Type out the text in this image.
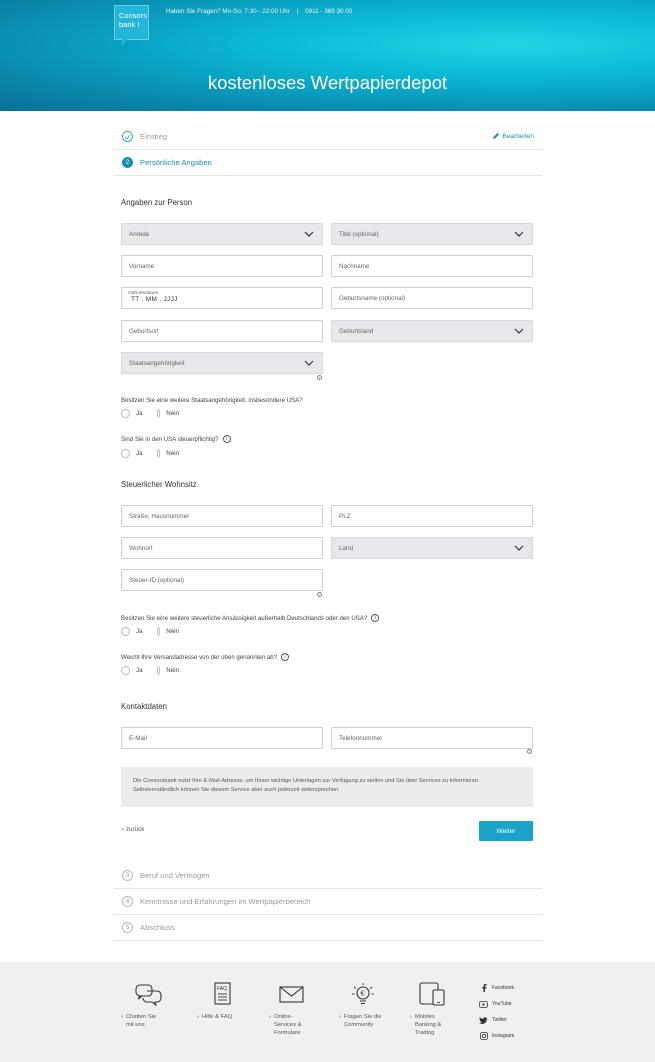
Consors
bank !
Haben Sie Fragen? Mo-So: 7:30 - 22:00 Uhr | 0911 - 369 30 00
kostenloses Wertpapierdepot
Einstieg	Bearbeiten
2	Persönliche Angaben
Angaben zur Person
Anrede	Titel (optional)
Vorname	Nachname
Geburtsdatum
TT . MM . JJJJ	Geburtsname (optional)
Geburtsort	Geburtsland
Staatsangehörigkeit
i
Besitzen Sie eine weitere Staatsangehörigkeit, insbesondere USA?
Ja	Nein
Sind Sie in den USA steuerpflichtig?	i
Ja	Nein
Steuerlicher Wohnsitz
Straße, Hausnummer	PLZ
Wohnort	Land
Steuer-ID (optional)
i
Besitzen Sie eine weitere steuerliche Ansässigkeit außerhalb Deutschlands oder den USA?	i
Ja	Nein
Weicht Ihre Versandadresse von der oben genannten ab?	i
Ja	Nein
Kontaktdaten
E-Mail	Telefonnummer
i
Die Consorsbank nutzt Ihre E-Mail-Adresse, um Ihnen wichtige Unterlagen zur Verfügung zu stellen und Sie über Services zu informieren. Selbstverständlich können Sie diesem Service aber auch jederzeit widersprechen.
‹ zurück	Weiter
3	Beruf und Vermögen
4	Kenntnisse und Erfahrungen im Wertpapierbereich
5	Abschluss
› Chatten Sie mit uns
FAQ
› Hilfe & FAQ	› Online-Services & Formulare
€
› Fragen Sie die Community
› Mobiles Banking & Trading
Facebook
YouTube
Twitter
Instagram
